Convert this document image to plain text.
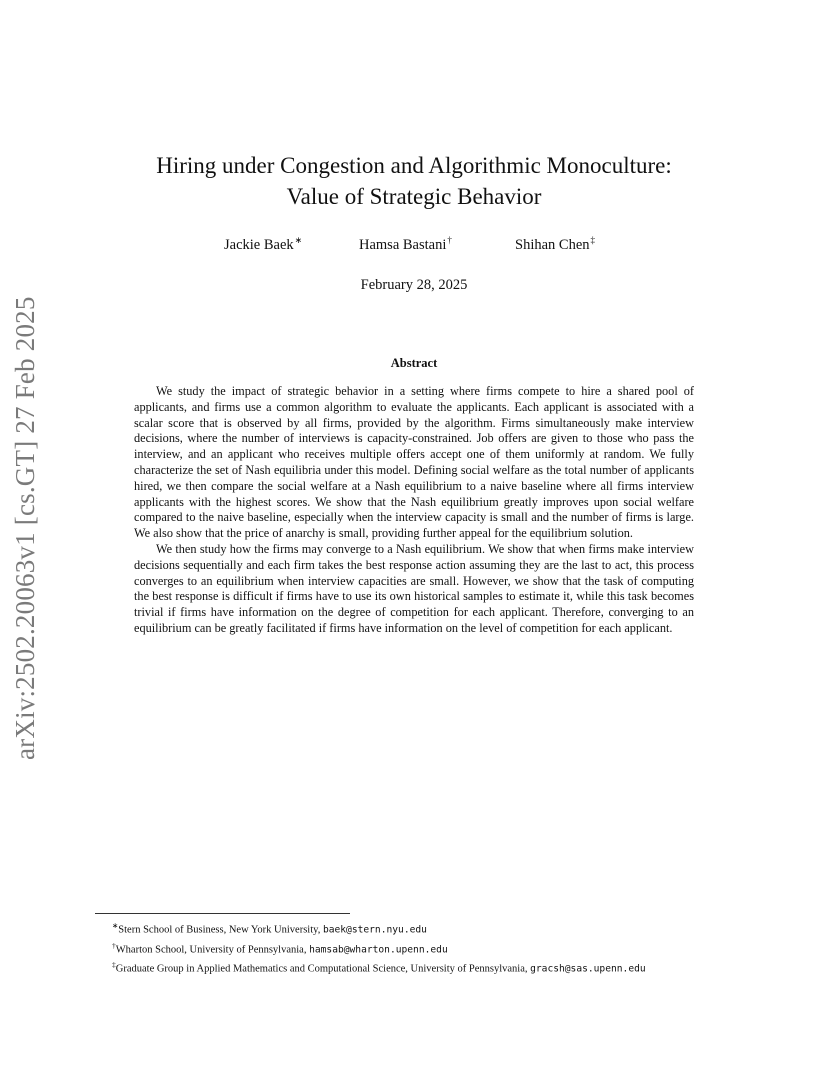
arXiv:2502.20063v1 [cs.GT] 27 Feb 2025
Hiring under Congestion and Algorithmic Monoculture:
Value of Strategic Behavior
Jackie Baek∗	Hamsa Bastani†	Shihan Chen‡
February 28, 2025
Abstract

We study the impact of strategic behavior in a setting where firms compete to hire a shared pool of applicants, and firms use a common algorithm to evaluate the applicants. Each applicant is associated with a scalar score that is observed by all firms, provided by the algorithm. Firms simultaneously make interview decisions, where the number of interviews is capacity-constrained. Job offers are given to those who pass the interview, and an applicant who receives multiple offers accept one of them uniformly at random. We fully characterize the set of Nash equilibria under this model. Defining social welfare as the total number of applicants hired, we then compare the social welfare at a Nash equilibrium to a naive baseline where all firms interview applicants with the highest scores. We show that the Nash equilibrium greatly improves upon social welfare compared to the naive baseline, especially when the interview capacity is small and the number of firms is large. We also show that the price of anarchy is small, providing further appeal for the equilibrium solution.

We then study how the firms may converge to a Nash equilibrium. We show that when firms make interview decisions sequentially and each firm takes the best response action assuming they are the last to act, this process converges to an equilibrium when interview capacities are small. However, we show that the task of computing the best response is difficult if firms have to use its own historical samples to estimate it, while this task becomes trivial if firms have information on the degree of competition for each applicant. Therefore, converging to an equilibrium can be greatly facilitated if firms have information on the level of competition for each applicant.

∗Stern School of Business, New York University, baek@stern.nyu.edu

†Wharton School, University of Pennsylvania, hamsab@wharton.upenn.edu

‡Graduate Group in Applied Mathematics and Computational Science, University of Pennsylvania, gracsh@sas.upenn.edu
